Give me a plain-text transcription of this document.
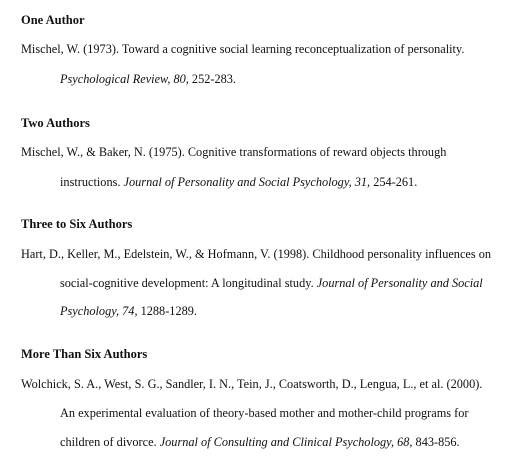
One Author
Mischel, W. (1973). Toward a cognitive social learning reconceptualization of personality.
Psychological Review, 80, 252-283.
Two Authors
Mischel, W., & Baker, N. (1975). Cognitive transformations of reward objects through
instructions. Journal of Personality and Social Psychology, 31, 254-261.
Three to Six Authors
Hart, D., Keller, M., Edelstein, W., & Hofmann, V. (1998). Childhood personality influences on
social-cognitive development: A longitudinal study. Journal of Personality and Social
Psychology, 74, 1288-1289.
More Than Six Authors
Wolchick, S. A., West, S. G., Sandler, I. N., Tein, J., Coatsworth, D., Lengua, L., et al. (2000).
An experimental evaluation of theory-based mother and mother-child programs for
children of divorce. Journal of Consulting and Clinical Psychology, 68, 843-856.
